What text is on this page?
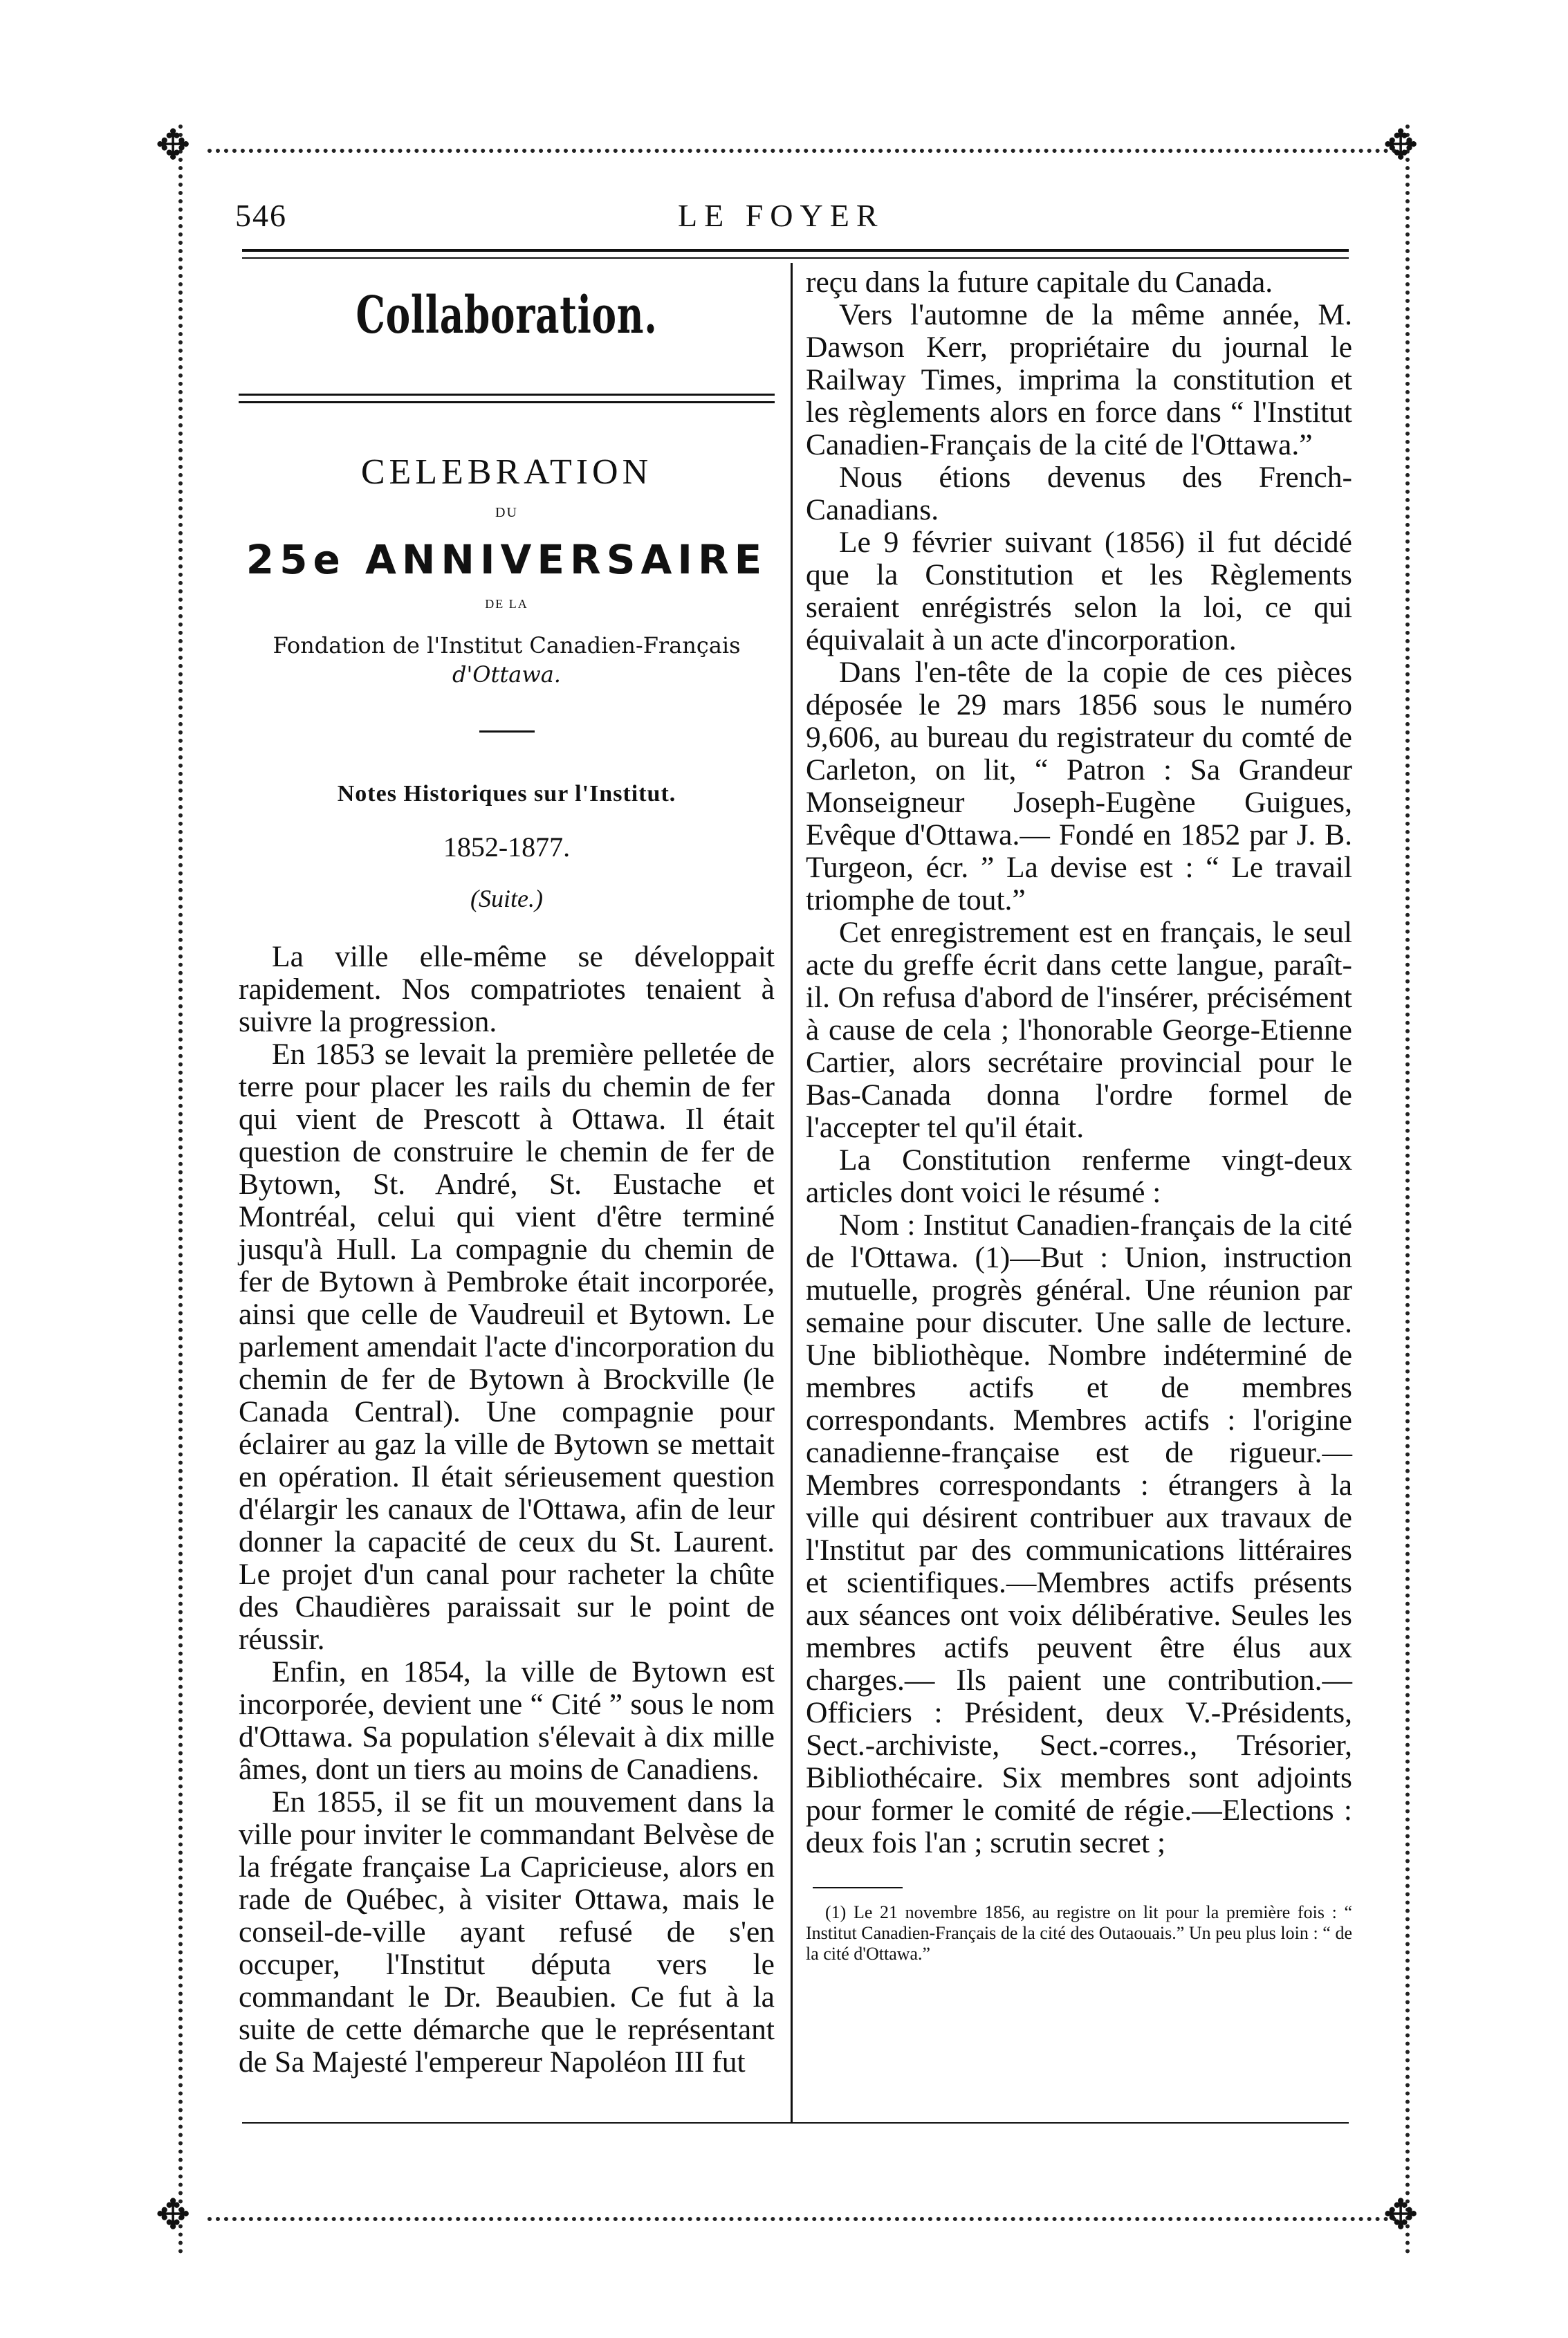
✥	✥
✥	✥
546	LE FOYER
Collaboration.
CELEBRATION
DU
25e ANNIVERSAIRE
DE LA
Fondation de l'Institut Canadien-Français
d'Ottawa.
Notes Historiques sur l'Institut.
1852-1877.
(Suite.)

La ville elle-même se développait rapidement. Nos compatriotes tenaient à suivre la progression.

En 1853 se levait la première pelletée de terre pour placer les rails du chemin de fer qui vient de Prescott à Ottawa. Il était question de construire le chemin de fer de Bytown, St. André, St. Eustache et Montréal, celui qui vient d'être terminé jusqu'à Hull. La compagnie du chemin de fer de Bytown à Pembroke était incorporée, ainsi que celle de Vaudreuil et Bytown. Le parlement amendait l'acte d'incorporation du chemin de fer de Bytown à Brockville (le Canada Central). Une compagnie pour éclairer au gaz la ville de Bytown se mettait en opération. Il était sérieusement question d'élargir les canaux de l'Ottawa, afin de leur donner la capacité de ceux du St. Laurent. Le projet d'un canal pour racheter la chûte des Chaudières paraissait sur le point de réussir.

Enfin, en 1854, la ville de Bytown est incorporée, devient une “ Cité ” sous le nom d'Ottawa. Sa population s'élevait à dix mille âmes, dont un tiers au moins de Canadiens.

En 1855, il se fit un mouvement dans la ville pour inviter le commandant Belvèse de la frégate française La Capricieuse, alors en rade de Québec, à visiter Ottawa, mais le conseil-de-ville ayant refusé de s'en occuper, l'Institut députa vers le commandant le Dr. Beaubien. Ce fut à la suite de cette démarche que le représentant de Sa Majesté l'empereur Napoléon III fut

reçu dans la future capitale du Canada.

Vers l'automne de la même année, M. Dawson Kerr, propriétaire du journal le Railway Times, imprima la constitution et les règlements alors en force dans “ l'Institut Canadien-Français de la cité de l'Ottawa.”

Nous étions devenus des French-Canadians.

Le 9 février suivant (1856) il fut décidé que la Constitution et les Règlements seraient enrégistrés selon la loi, ce qui équivalait à un acte d'incorporation.

Dans l'en-tête de la copie de ces pièces déposée le 29 mars 1856 sous le numéro 9,606, au bureau du registrateur du comté de Carleton, on lit, “ Patron : Sa Grandeur Monseigneur Joseph-Eugène Guigues, Evêque d'Ottawa.— Fondé en 1852 par J. B. Turgeon, écr. ” La devise est : “ Le travail triomphe de tout.”

Cet enregistrement est en français, le seul acte du greffe écrit dans cette langue, paraît-il. On refusa d'abord de l'insérer, précisément à cause de cela ; l'honorable George-Etienne Cartier, alors secrétaire provincial pour le Bas-Canada donna l'ordre formel de l'accepter tel qu'il était.

La Constitution renferme vingt-deux articles dont voici le résumé :

Nom : Institut Canadien-français de la cité de l'Ottawa. (1)—But : Union, instruction mutuelle, progrès général. Une réunion par semaine pour discuter. Une salle de lecture. Une bibliothèque. Nombre indéterminé de membres actifs et de membres correspondants. Membres actifs : l'origine canadienne-française est de rigueur.— Membres correspondants : étrangers à la ville qui désirent contribuer aux travaux de l'Institut par des communications littéraires et scientifiques.—Membres actifs présents aux séances ont voix délibérative. Seules les membres actifs peuvent être élus aux charges.— Ils paient une contribution.—Officiers : Président, deux V.-Présidents, Sect.-archiviste, Sect.-corres., Trésorier, Bibliothécaire. Six membres sont adjoints pour former le comité de régie.—Elections : deux fois l'an ; scrutin secret ;

(1) Le 21 novembre 1856, au registre on lit pour la première fois : “ Institut Canadien-Français de la cité des Outaouais.” Un peu plus loin : “ de la cité d'Ottawa.”
